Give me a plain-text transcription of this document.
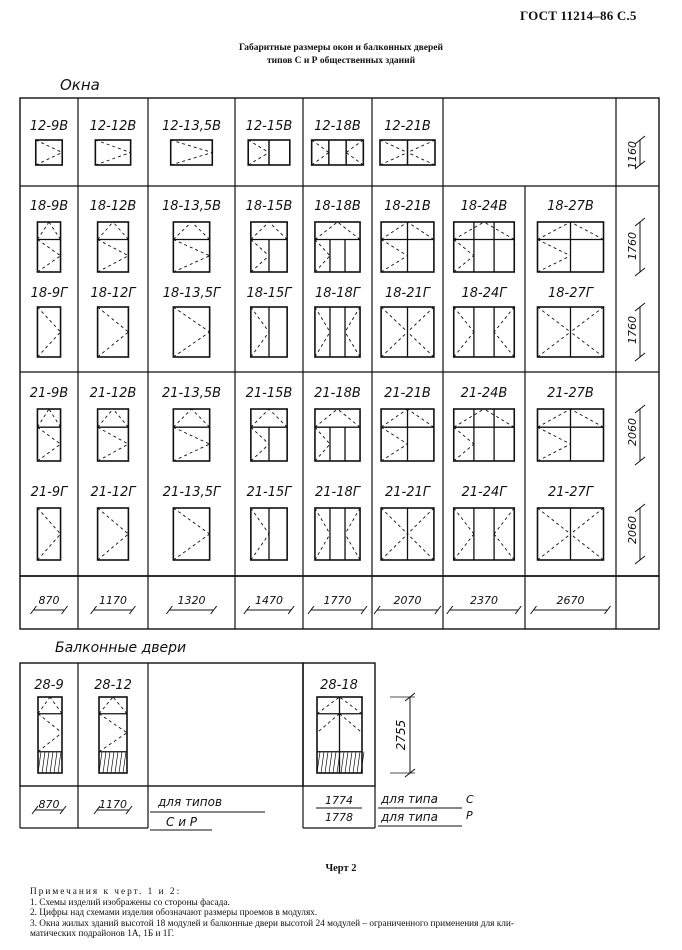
ГОСТ 11214–86 С.5
Габаритные размеры окон и балконных дверей
типов С и Р общественных зданий
Окна
Балконные двери
12-9В 12-12В 12-13,5В 12-15В 12-18В 12-21В
1160
18-9В 18-12В 18-13,5В 18-15В 18-18В 18-21В 18-24В	18-27В
1760
18-9Г 18-12Г 18-13,5Г 18-15Г 18-18Г 18-21Г 18-24Г	18-27Г
1760
21-9В 21-12В 21-13,5В 21-15В 21-18В 21-21В 21-24В	21-27В
2060
21-9Г 21-12Г 21-13,5Г 21-15Г 21-18Г 21-21Г 21-24Г	21-27Г
2060
870	1170	1320	1470	1770	2070	2370	2670
28-9 28-12	28-18
2755
870	1170	1774
1778
для типов
С и Р
для типа	С
для типа	Р
Черт 2
Примечания к черт. 1 и 2:
1. Схемы изделий изображены со стороны фасада.
2. Цифры над схемами изделия обозначают размеры проемов в модулях.
3. Окна жилых зданий высотой 18 модулей и балконные двери высотой 24 модулей – ограниченного применения для кли-
матических подрайонов 1А, 1Б и 1Г.
